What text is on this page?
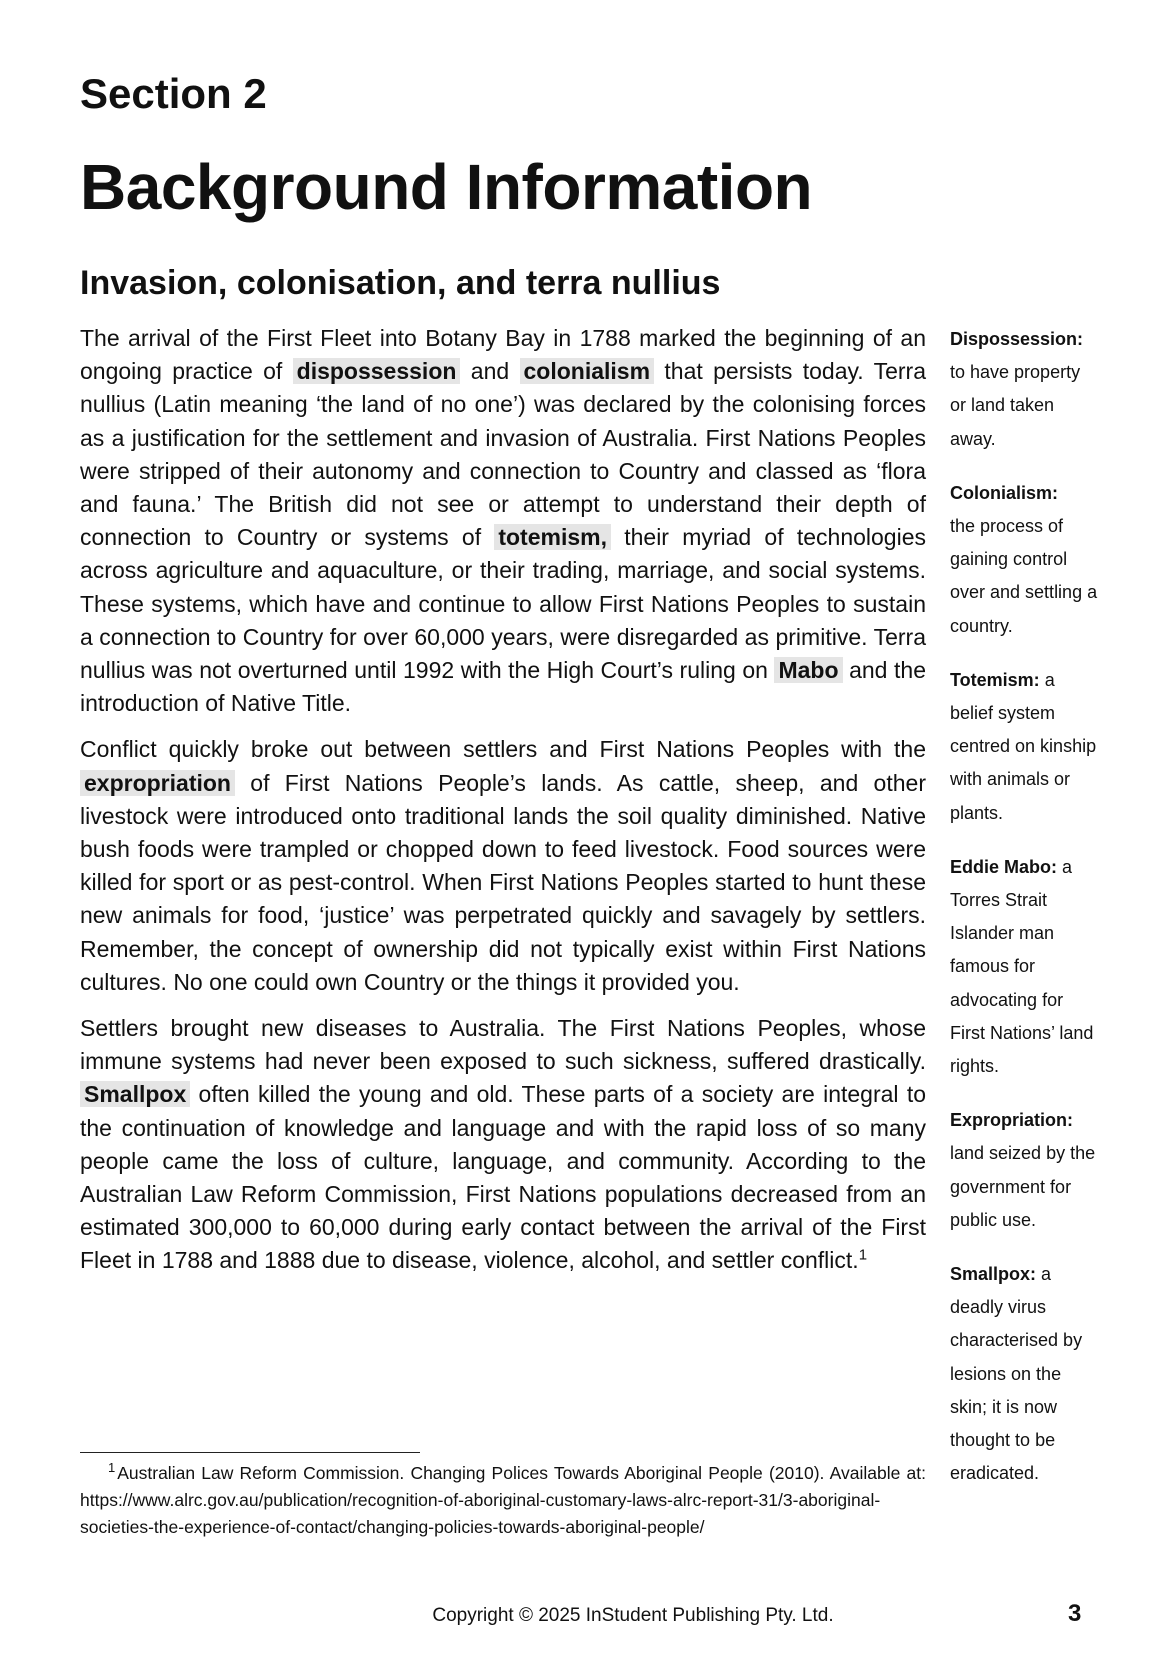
Section 2
Background Information
Invasion, colonisation, and terra nullius

The arrival of the First Fleet into Botany Bay in 1788 marked the beginning of an ongoing practice of dispossession and colonialism that persists today. Terra nullius (Latin meaning ‘the land of no one’) was declared by the colonising forces as a justification for the settlement and invasion of Australia. First Nations Peoples were stripped of their autonomy and connection to Country and classed as ‘flora and fauna.’ The British did not see or attempt to understand their depth of connection to Country or systems of totemism, their myriad of technologies across agriculture and aquaculture, or their trading, marriage, and social systems. These systems, which have and continue to allow First Nations Peoples to sustain a connection to Country for over 60,000 years, were disregarded as primitive. Terra nullius was not overturned until 1992 with the High Court’s ruling on Mabo and the introduction of Native Title.

Conflict quickly broke out between settlers and First Nations Peoples with the expropriation of First Nations People’s lands. As cattle, sheep, and other livestock were introduced onto traditional lands the soil quality diminished. Native bush foods were trampled or chopped down to feed livestock. Food sources were killed for sport or as pest-control. When First Nations Peoples started to hunt these new animals for food, ‘justice’ was perpetrated quickly and savagely by settlers. Remember, the concept of ownership did not typically exist within First Nations cultures. No one could own Country or the things it provided you.

Settlers brought new diseases to Australia. The First Nations Peoples, whose immune systems had never been exposed to such sickness, suffered drastically. Smallpox often killed the young and old. These parts of a society are integral to the continuation of knowledge and language and with the rapid loss of so many people came the loss of culture, language, and community. According to the Australian Law Reform Commission, First Nations populations decreased from an estimated 300,000 to 60,000 during early contact between the arrival of the First Fleet in 1788 and 1888 due to disease, violence, alcohol, and settler conflict.$^1$

$^1$ Australian Law Reform Commission. Changing Polices Towards Aboriginal People (2010). Available at: https://www.alrc.gov.au/publication/recognition-of-aboriginal-customary-laws-alrc-report-31/3-aboriginal-societies-the-experience-of-contact/changing-policies-towards-aboriginal-people/
Dispossession:
to have property or land taken away.
Colonialism:
the process of gaining control over and settling a country.
Totemism: a belief system centred on kinship with animals or plants.
Eddie Mabo: a Torres Strait Islander man famous for advocating for First Nations’ land rights.
Expropriation:
land seized by the government for public use.
Smallpox: a deadly virus characterised by lesions on the skin; it is now thought to be eradicated.
Copyright © 2025 InStudent Publishing Pty. Ltd.	3
